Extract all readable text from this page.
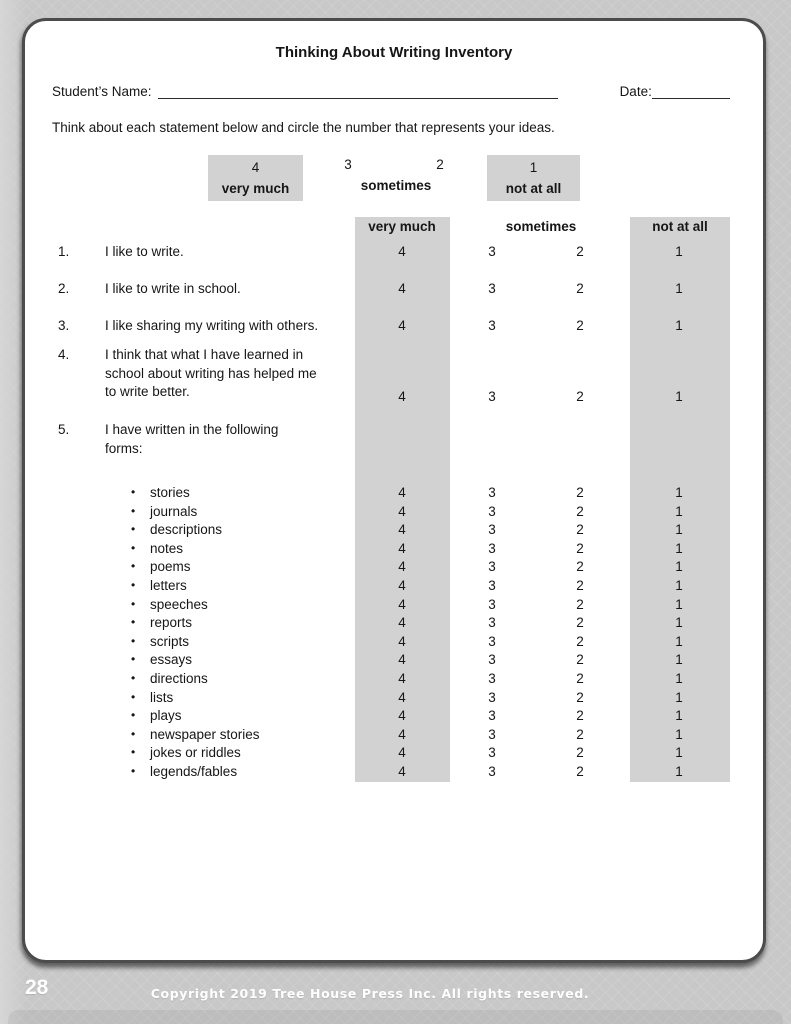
Thinking About Writing Inventory
Student’s Name:	Date:
Think about each statement below and circle the number that represents your ideas.
4
very much
3	2
sometimes
1
not at all
very much	sometimes	not at all
1.	I like to write.	4	3	2	1
2.	I like to write in school.	4	3	2	1
3.	I like sharing my writing with others.	4	3	2	1
4.	I think that what I have learned in
school about writing has helped me
to write better.	4	3	2	1
5.	I have written in the following
forms:
• stories	4	3	2	1
• journals	4	3	2	1
• descriptions	4	3	2	1
• notes	4	3	2	1
• poems	4	3	2	1
• letters	4	3	2	1
• speeches	4	3	2	1
• reports	4	3	2	1
• scripts	4	3	2	1
• essays	4	3	2	1
• directions	4	3	2	1
• lists	4	3	2	1
• plays	4	3	2	1
• newspaper stories	4	3	2	1
• jokes or riddles	4	3	2	1
• legends/fables	4	3	2	1
28	Copyright 2019 Tree House Press Inc. All rights reserved.
